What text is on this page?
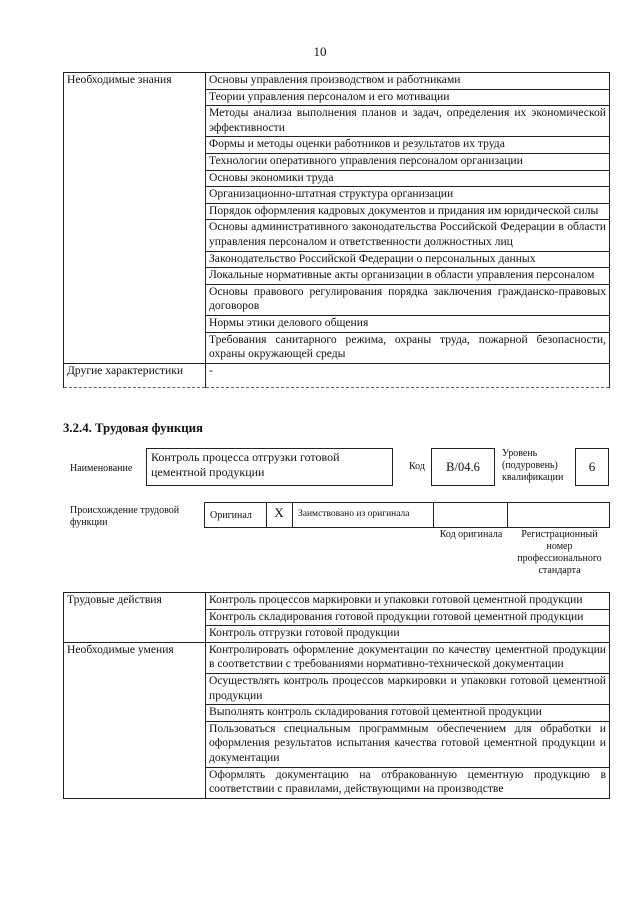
10
Необходимые знания	Основы управления производством и работниками
	Теории управления персоналом и его мотивации
	Методы анализа выполнения планов и задач, определения их экономической эффективности
	Формы и методы оценки работников и результатов их труда
	Технологии оперативного управления персоналом организации
	Основы экономики труда
	Организационно-штатная структура организации
	Порядок оформления кадровых документов и придания им юридической силы
	Основы административного законодательства Российской Федерации в области управления персоналом и ответственности должностных лиц
	Законодательство Российской Федерации о персональных данных
	Локальные нормативные акты организации в области управления персоналом
	Основы правового регулирования порядка заключения гражданско-правовых договоров
	Нормы этики делового общения
	Требования санитарного режима, охраны труда, пожарной безопасности, охраны окружающей среды
Другие характеристики	-
3.2.4. Трудовая функция
Наименование
Контроль процесса отгрузки готовой цементной продукции	Код	B/04.6
Уровень (подуровень) квалификации
6
Происхождение трудовой функции
Оригинал	X	Заимствовано из оригинала
Код оригинала	Регистрационный номер профессионального стандарта
Трудовые действия	Контроль процессов маркировки и упаковки готовой цементной продукции
	Контроль складирования готовой продукции готовой цементной продукции
	Контроль отгрузки готовой продукции
Необходимые умения	Контролировать оформление документации по качеству цементной продукции в соответствии с требованиями нормативно-технической документации
	Осуществлять контроль процессов маркировки и упаковки готовой цементной продукции
	Выполнять контроль складирования готовой цементной продукции
	Пользоваться специальным программным обеспечением для обработки и оформления результатов испытания качества готовой цементной продукции и документации
	Оформлять документацию на отбракованную цементную продукцию в соответствии с правилами, действующими на производстве
